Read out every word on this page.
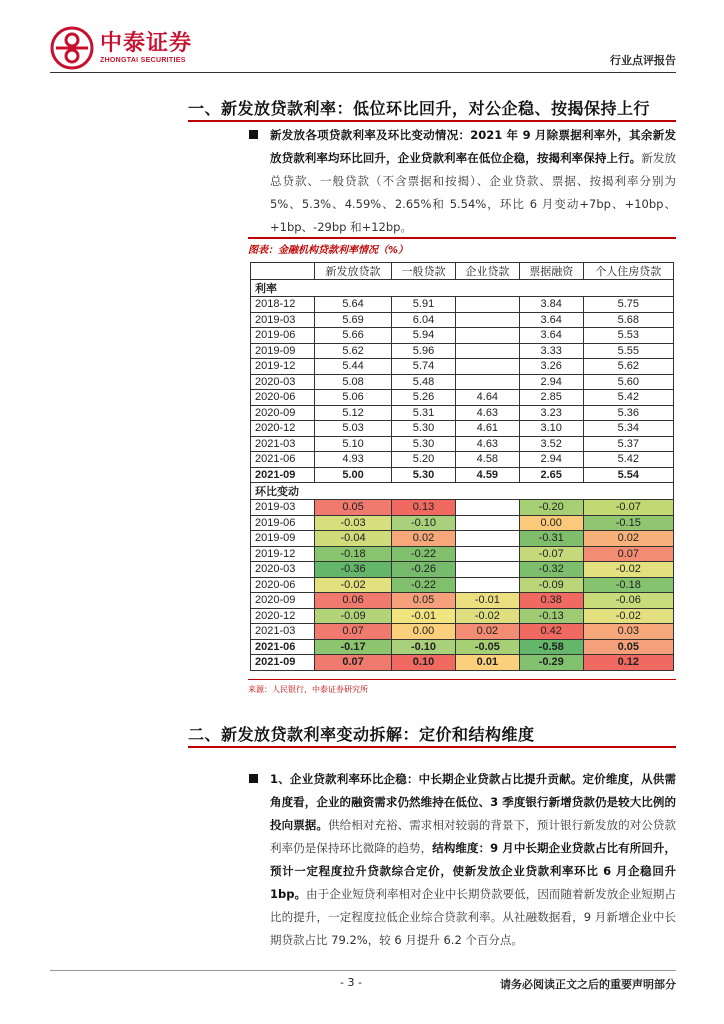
中泰证券
ZHONGTAI SECURITIES	行业点评报告
一、新发放贷款利率：低位环比回升，对公企稳、按揭保持上行
新发放各项贷款利率及环比变动情况：2021 年 9 月除票据利率外，其余新发放贷款利率均环比回升，企业贷款利率在低位企稳，按揭利率保持上行。新发放总贷款、一般贷款（不含票据和按揭）、企业贷款、票据、按揭利率分别为 5%、5.3%、4.59%、2.65%和 5.54%，环比 6 月变动+7bp、+10bp、+1bp、-29bp 和+12bp。
图表：金融机构贷款利率情况（%）
	新发放贷款	一般贷款	企业贷款	票据融资	个人住房贷款
利率					
2018-12	5.64	5.91		3.84	5.75
2019-03	5.69	6.04		3.64	5.68
2019-06	5.66	5.94		3.64	5.53
2019-09	5.62	5.96		3.33	5.55
2019-12	5.44	5.74		3.26	5.62
2020-03	5.08	5.48		2.94	5.60
2020-06	5.06	5.26	4.64	2.85	5.42
2020-09	5.12	5.31	4.63	3.23	5.36
2020-12	5.03	5.30	4.61	3.10	5.34
2021-03	5.10	5.30	4.63	3.52	5.37
2021-06	4.93	5.20	4.58	2.94	5.42
2021-09	5.00	5.30	4.59	2.65	5.54
环比变动					
2019-03	0.05	0.13		-0.20	-0.07
2019-06	-0.03	-0.10		0.00	-0.15
2019-09	-0.04	0.02		-0.31	0.02
2019-12	-0.18	-0.22		-0.07	0.07
2020-03	-0.36	-0.26		-0.32	-0.02
2020-06	-0.02	-0.22		-0.09	-0.18
2020-09	0.06	0.05	-0.01	0.38	-0.06
2020-12	-0.09	-0.01	-0.02	-0.13	-0.02
2021-03	0.07	0.00	0.02	0.42	0.03
2021-06	-0.17	-0.10	-0.05	-0.58	0.05
2021-09	0.07	0.10	0.01	-0.29	0.12
来源：人民银行，中泰证券研究所
二、新发放贷款利率变动拆解：定价和结构维度
1、企业贷款利率环比企稳：中长期企业贷款占比提升贡献。定价维度，从供需角度看，企业的融资需求仍然维持在低位、3 季度银行新增贷款仍是较大比例的投向票据。供给相对充裕、需求相对较弱的背景下，预计银行新发放的对公贷款利率仍是保持环比微降的趋势，结构维度：9 月中长期企业贷款占比有所回升，预计一定程度拉升贷款综合定价，使新发放企业贷款利率环比 6 月企稳回升 1bp。由于企业短贷利率相对企业中长期贷款要低，因而随着新发放企业短期占比的提升，一定程度拉低企业综合贷款利率。从社融数据看，9 月新增企业中长期贷款占比 79.2%，较 6 月提升 6.2 个百分点。
- 3 -	请务必阅读正文之后的重要声明部分
